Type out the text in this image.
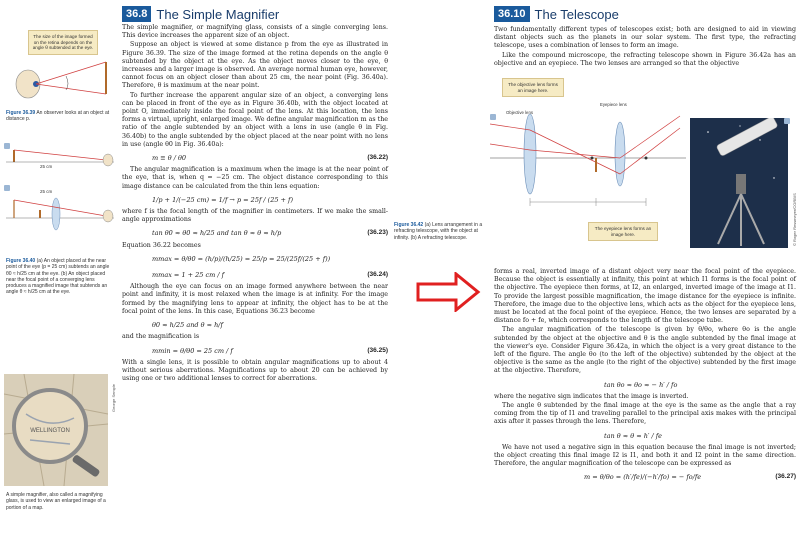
36.8 The Simple Magnifier
The size of the image formed on the retina depends on the angle θ subtended at the eye.
Figure 36.39 An observer looks at an object at distance p.
25 cm
25 cm
Figure 36.40 (a) An object placed at the near point of the eye (p = 25 cm) subtends an angle θ0 ≈ h/25 cm at the eye. (b) An object placed near the focal point of a converging lens produces a magnified image that subtends an angle θ ≈ h/25 cm at the eye.
WELLINGTON
George Semple
A simple magnifier, also called a magnifying glass, is used to view an enlarged image of a portion of a map.

The simple magnifier, or magnifying glass, consists of a single converging lens. This device increases the apparent size of an object.

Suppose an object is viewed at some distance p from the eye as illustrated in Figure 36.39. The size of the image formed at the retina depends on the angle θ subtended by the object at the eye. As the object moves closer to the eye, θ increases and a larger image is observed. An average normal human eye, however, cannot focus on an object closer than about 25 cm, the near point (Fig. 36.40a). Therefore, θ is maximum at the near point.

To further increase the apparent angular size of an object, a converging lens can be placed in front of the eye as in Figure 36.40b, with the object located at point O, immediately inside the focal point of the lens. At this location, the lens forms a virtual, upright, enlarged image. We define angular magnification m as the ratio of the angle subtended by an object with a lens in use (angle θ in Fig. 36.40b) to the angle subtended by the object placed at the near point with no lens in use (angle θ0 in Fig. 36.40a):

m ≡ θ / θ0	(36.22)

The angular magnification is a maximum when the image is at the near point of the eye, that is, when q = −25 cm. The object distance corresponding to this image distance can be calculated from the thin lens equation:

1/p + 1/(−25 cm) = 1/f → p = 25f / (25 + f)

where f is the focal length of the magnifier in centimeters. If we make the small-angle approximations

tan θ0 ≈ θ0 ≈ h/25 and tan θ ≈ θ ≈ h/p	(36.23)

Equation 36.22 becomes

mmax = θ/θ0 = (h/p)/(h/25) = 25/p = 25/(25f/(25 + f))
mmax = 1 + 25 cm / f	(36.24)

Although the eye can focus on an image formed anywhere between the near point and infinity, it is most relaxed when the image is at infinity. For the image formed by the magnifying lens to appear at infinity, the object has to be at the focal point of the lens. In this case, Equations 36.23 become

θ0 ≈ h/25 and θ ≈ h/f

and the magnification is

mmin = θ/θ0 = 25 cm / f	(36.25)

With a single lens, it is possible to obtain angular magnifications up to about 4 without serious aberrations. Magnifications up to about 20 can be achieved by using one or two additional lenses to correct for aberrations.

36.10 The Telescope

Two fundamentally different types of telescopes exist; both are designed to aid in viewing distant objects such as the planets in our solar system. The first type, the refracting telescope, uses a combination of lenses to form an image.

Like the compound microscope, the refracting telescope shown in Figure 36.42a has an objective and an eyepiece. The two lenses are arranged so that the objective

The objective lens forms an image here.
Objective lens
Eyepiece lens
The eyepiece lens forms an image here.	© Roger Ressmeyer/CORBIS
Figure 36.42 (a) Lens arrangement in a refracting telescope, with the object at infinity. (b) A refracting telescope.

forms a real, inverted image of a distant object very near the focal point of the eyepiece. Because the object is essentially at infinity, this point at which I1 forms is the focal point of the objective. The eyepiece then forms, at I2, an enlarged, inverted image of the image at I1. To provide the largest possible magnification, the image distance for the eyepiece is infinite. Therefore, the image due to the objective lens, which acts as the object for the eyepiece lens, must be located at the focal point of the eyepiece. Hence, the two lenses are separated by a distance fo + fe, which corresponds to the length of the telescope tube.

The angular magnification of the telescope is given by θ/θo, where θo is the angle subtended by the object at the objective and θ is the angle subtended by the final image at the viewer's eye. Consider Figure 36.42a, in which the object is a very great distance to the left of the figure. The angle θo (to the left of the objective) subtended by the object at the objective is the same as the angle (to the right of the objective) subtended by the first image at the objective. Therefore,

tan θo ≈ θo ≈ − h′ / fo

where the negative sign indicates that the image is inverted.

The angle θ subtended by the final image at the eye is the same as the angle that a ray coming from the tip of I1 and traveling parallel to the principal axis makes with the principal axis after it passes through the lens. Therefore,

tan θ ≈ θ ≈ h′ / fe

We have not used a negative sign in this equation because the final image is not inverted; the object creating this final image I2 is I1, and both it and I2 point in the same direction. Therefore, the angular magnification of the telescope can be expressed as

m = θ/θo = (h′/fe)/(−h′/fo) = − fo/fe	(36.27)
